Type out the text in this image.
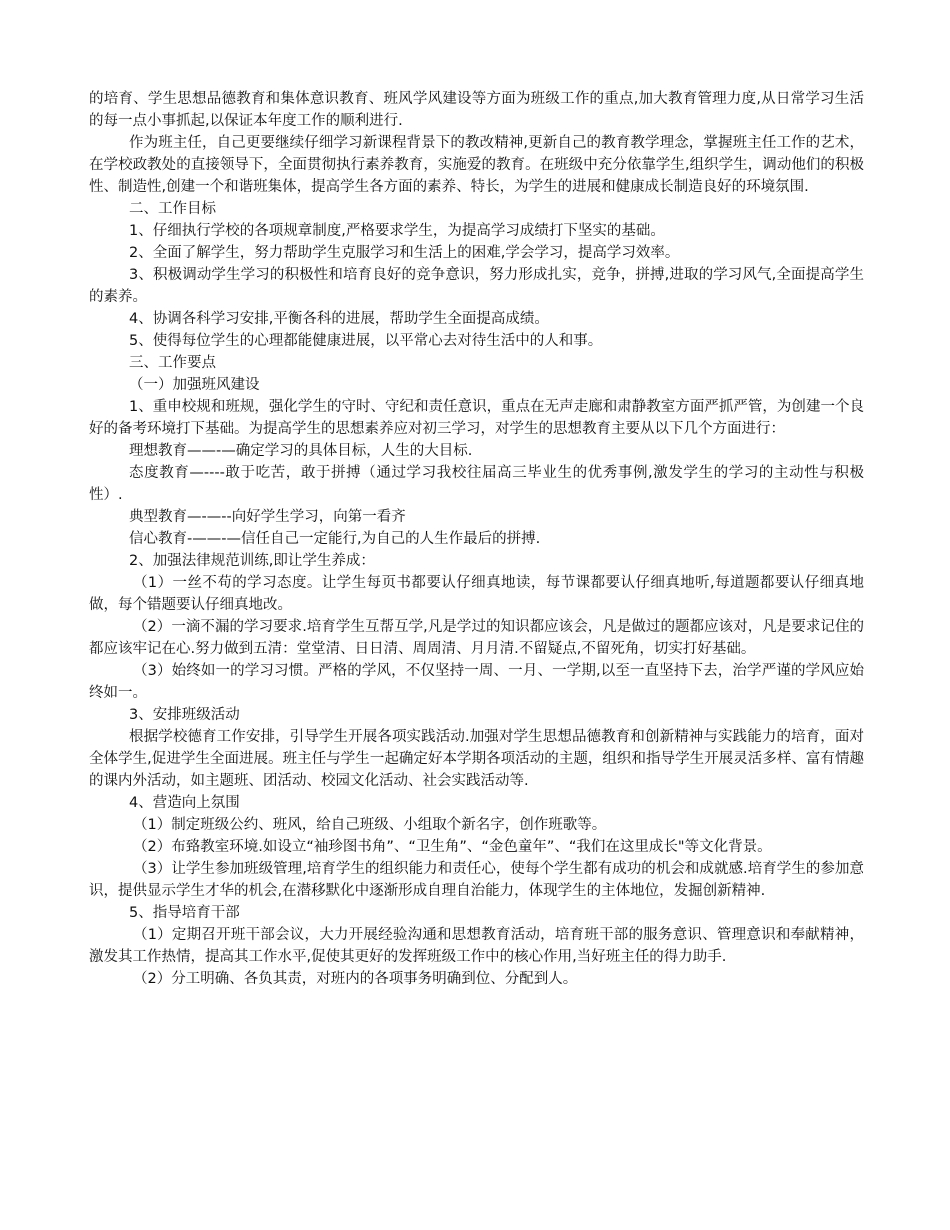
的培育、学生思想品德教育和集体意识教育、班风学风建设等方面为班级工作的重点,加大教育管理力度,从日常学习生活的每一点小事抓起,以保证本年度工作的顺利进行.

作为班主任，自己更要继续仔细学习新课程背景下的教改精神,更新自己的教育教学理念，掌握班主任工作的艺术，在学校政教处的直接领导下，全面贯彻执行素养教育，实施爱的教育。在班级中充分依靠学生,组织学生，调动他们的积极性、制造性,创建一个和谐班集体，提高学生各方面的素养、特长，为学生的进展和健康成长制造良好的环境氛围.

二、工作目标

1、仔细执行学校的各项规章制度,严格要求学生，为提高学习成绩打下坚实的基础。

2、全面了解学生，努力帮助学生克服学习和生活上的困难,学会学习，提高学习效率。

3、积极调动学生学习的积极性和培育良好的竞争意识，努力形成扎实，竞争，拼搏,进取的学习风气,全面提高学生的素养。

4、协调各科学习安排,平衡各科的进展，帮助学生全面提高成绩。

5、使得每位学生的心理都能健康进展，以平常心去对待生活中的人和事。

三、工作要点

（一）加强班风建设

1、重申校规和班规，强化学生的守时、守纪和责任意识，重点在无声走廊和肃静教室方面严抓严管，为创建一个良好的备考环境打下基础。为提高学生的思想素养应对初三学习，对学生的思想教育主要从以下几个方面进行：

理想教育——-—确定学习的具体目标，人生的大目标.

态度教育—----敢于吃苦，敢于拼搏（通过学习我校往届高三毕业生的优秀事例,激发学生的学习的主动性与积极性）.

典型教育—-—--向好学生学习，向第一看齐

信心教育-——-—信任自己一定能行,为自己的人生作最后的拼搏.

2、加强法律规范训练,即让学生养成：

（1）一丝不苟的学习态度。让学生每页书都要认仔细真地读，每节课都要认仔细真地听,每道题都要认仔细真地做，每个错题要认仔细真地改。

（2）一滴不漏的学习要求.培育学生互帮互学,凡是学过的知识都应该会，凡是做过的题都应该对，凡是要求记住的都应该牢记在心.努力做到五清：堂堂清、日日清、周周清、月月清.不留疑点,不留死角，切实打好基础。

（3）始终如一的学习习惯。严格的学风，不仅坚持一周、一月、一学期,以至一直坚持下去，治学严谨的学风应始终如一。

3、安排班级活动

根据学校德育工作安排，引导学生开展各项实践活动.加强对学生思想品德教育和创新精神与实践能力的培育，面对全体学生,促进学生全面进展。班主任与学生一起确定好本学期各项活动的主题，组织和指导学生开展灵活多样、富有情趣的课内外活动，如主题班、团活动、校园文化活动、社会实践活动等.

4、营造向上氛围

（1）制定班级公约、班风，给自己班级、小组取个新名字，创作班歌等。

（2）布臵教室环境.如设立“袖珍图书角”、“卫生角”、“金色童年”、“我们在这里成长"等文化背景。

（3）让学生参加班级管理,培育学生的组织能力和责任心，使每个学生都有成功的机会和成就感.培育学生的参加意识，提供显示学生才华的机会,在潜移默化中逐渐形成自理自治能力，体现学生的主体地位，发掘创新精神.

5、指导培育干部

（1）定期召开班干部会议，大力开展经验沟通和思想教育活动，培育班干部的服务意识、管理意识和奉献精神，激发其工作热情，提高其工作水平,促使其更好的发挥班级工作中的核心作用,当好班主任的得力助手.

（2）分工明确、各负其责，对班内的各项事务明确到位、分配到人。
